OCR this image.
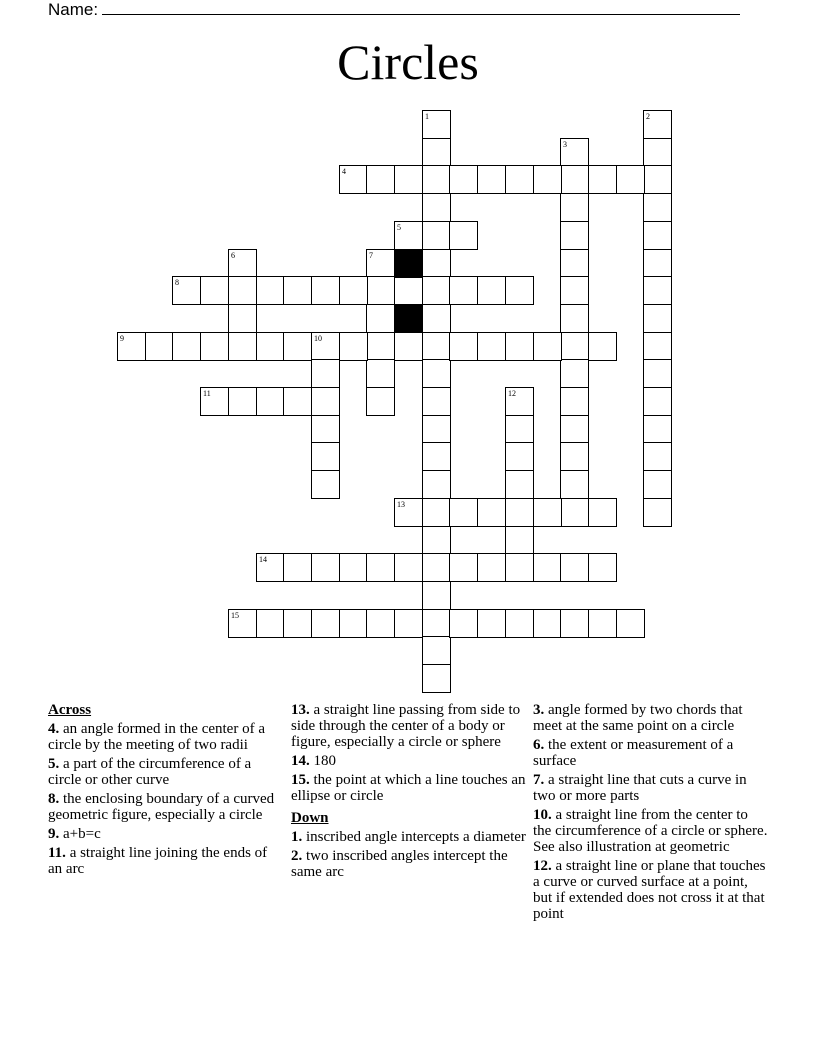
Name:
Circles
1	2
3
4
5
6	7
8
9	10
11	12
13
14
15
Across
4. an angle formed in the center of a circle by the meeting of two radii
5. a part of the circumference of a circle or other curve
8. the enclosing boundary of a curved geometric figure, especially a circle
9. a+b=c
11. a straight line joining the ends of an arc
13. a straight line passing from side to side through the center of a body or figure, especially a circle or sphere
14. 180
15. the point at which a line touches an ellipse or circle
Down
1. inscribed angle intercepts a diameter
2. two inscribed angles intercept the same arc
3. angle formed by two chords that meet at the same point on a circle
6. the extent or measurement of a surface
7. a straight line that cuts a curve in two or more parts
10. a straight line from the center to the circumference of a circle or sphere. See also illustration at geometric
12. a straight line or plane that touches a curve or curved surface at a point, but if extended does not cross it at that point
